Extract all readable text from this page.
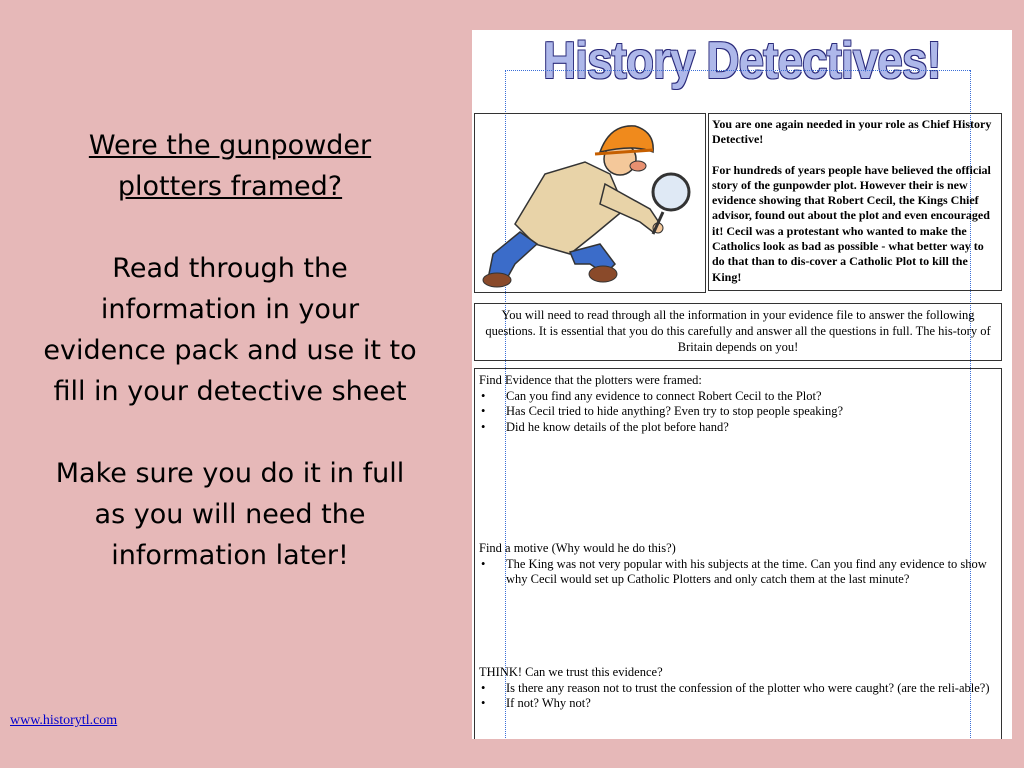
Were the gunpowder plotters framed?
Read through the information in your evidence pack and use it to fill in your detective sheet
Make sure you do it in full as you will need the information later!
www.historytl.com
History Detectives!

You are one again needed in your role as Chief History Detective!

For hundreds of years people have believed the official story of the gunpowder plot. However their is new evidence showing that Robert Cecil, the Kings Chief advisor, found out about the plot and even encouraged it! Cecil was a protestant who wanted to make the Catholics look as bad as possible - what better way to do that than to dis-cover a Catholic Plot to kill the King!

You will need to read through all the information in your evidence file to answer the following questions. It is essential that you do this carefully and answer all the questions in full. The his-tory of Britain depends on you!
Find Evidence that the plotters were framed:
• Can you find any evidence to connect Robert Cecil to the Plot?
• Has Cecil tried to hide anything? Even try to stop people speaking?
• Did he know details of the plot before hand?
Find a motive (Why would he do this?)
• The King was not very popular with his subjects at the time. Can you find any evidence to show why Cecil would set up Catholic Plotters and only catch them at the last minute?
THINK! Can we trust this evidence?
• Is there any reason not to trust the confession of the plotter who were caught? (are the reli-able?)
• If not? Why not?
